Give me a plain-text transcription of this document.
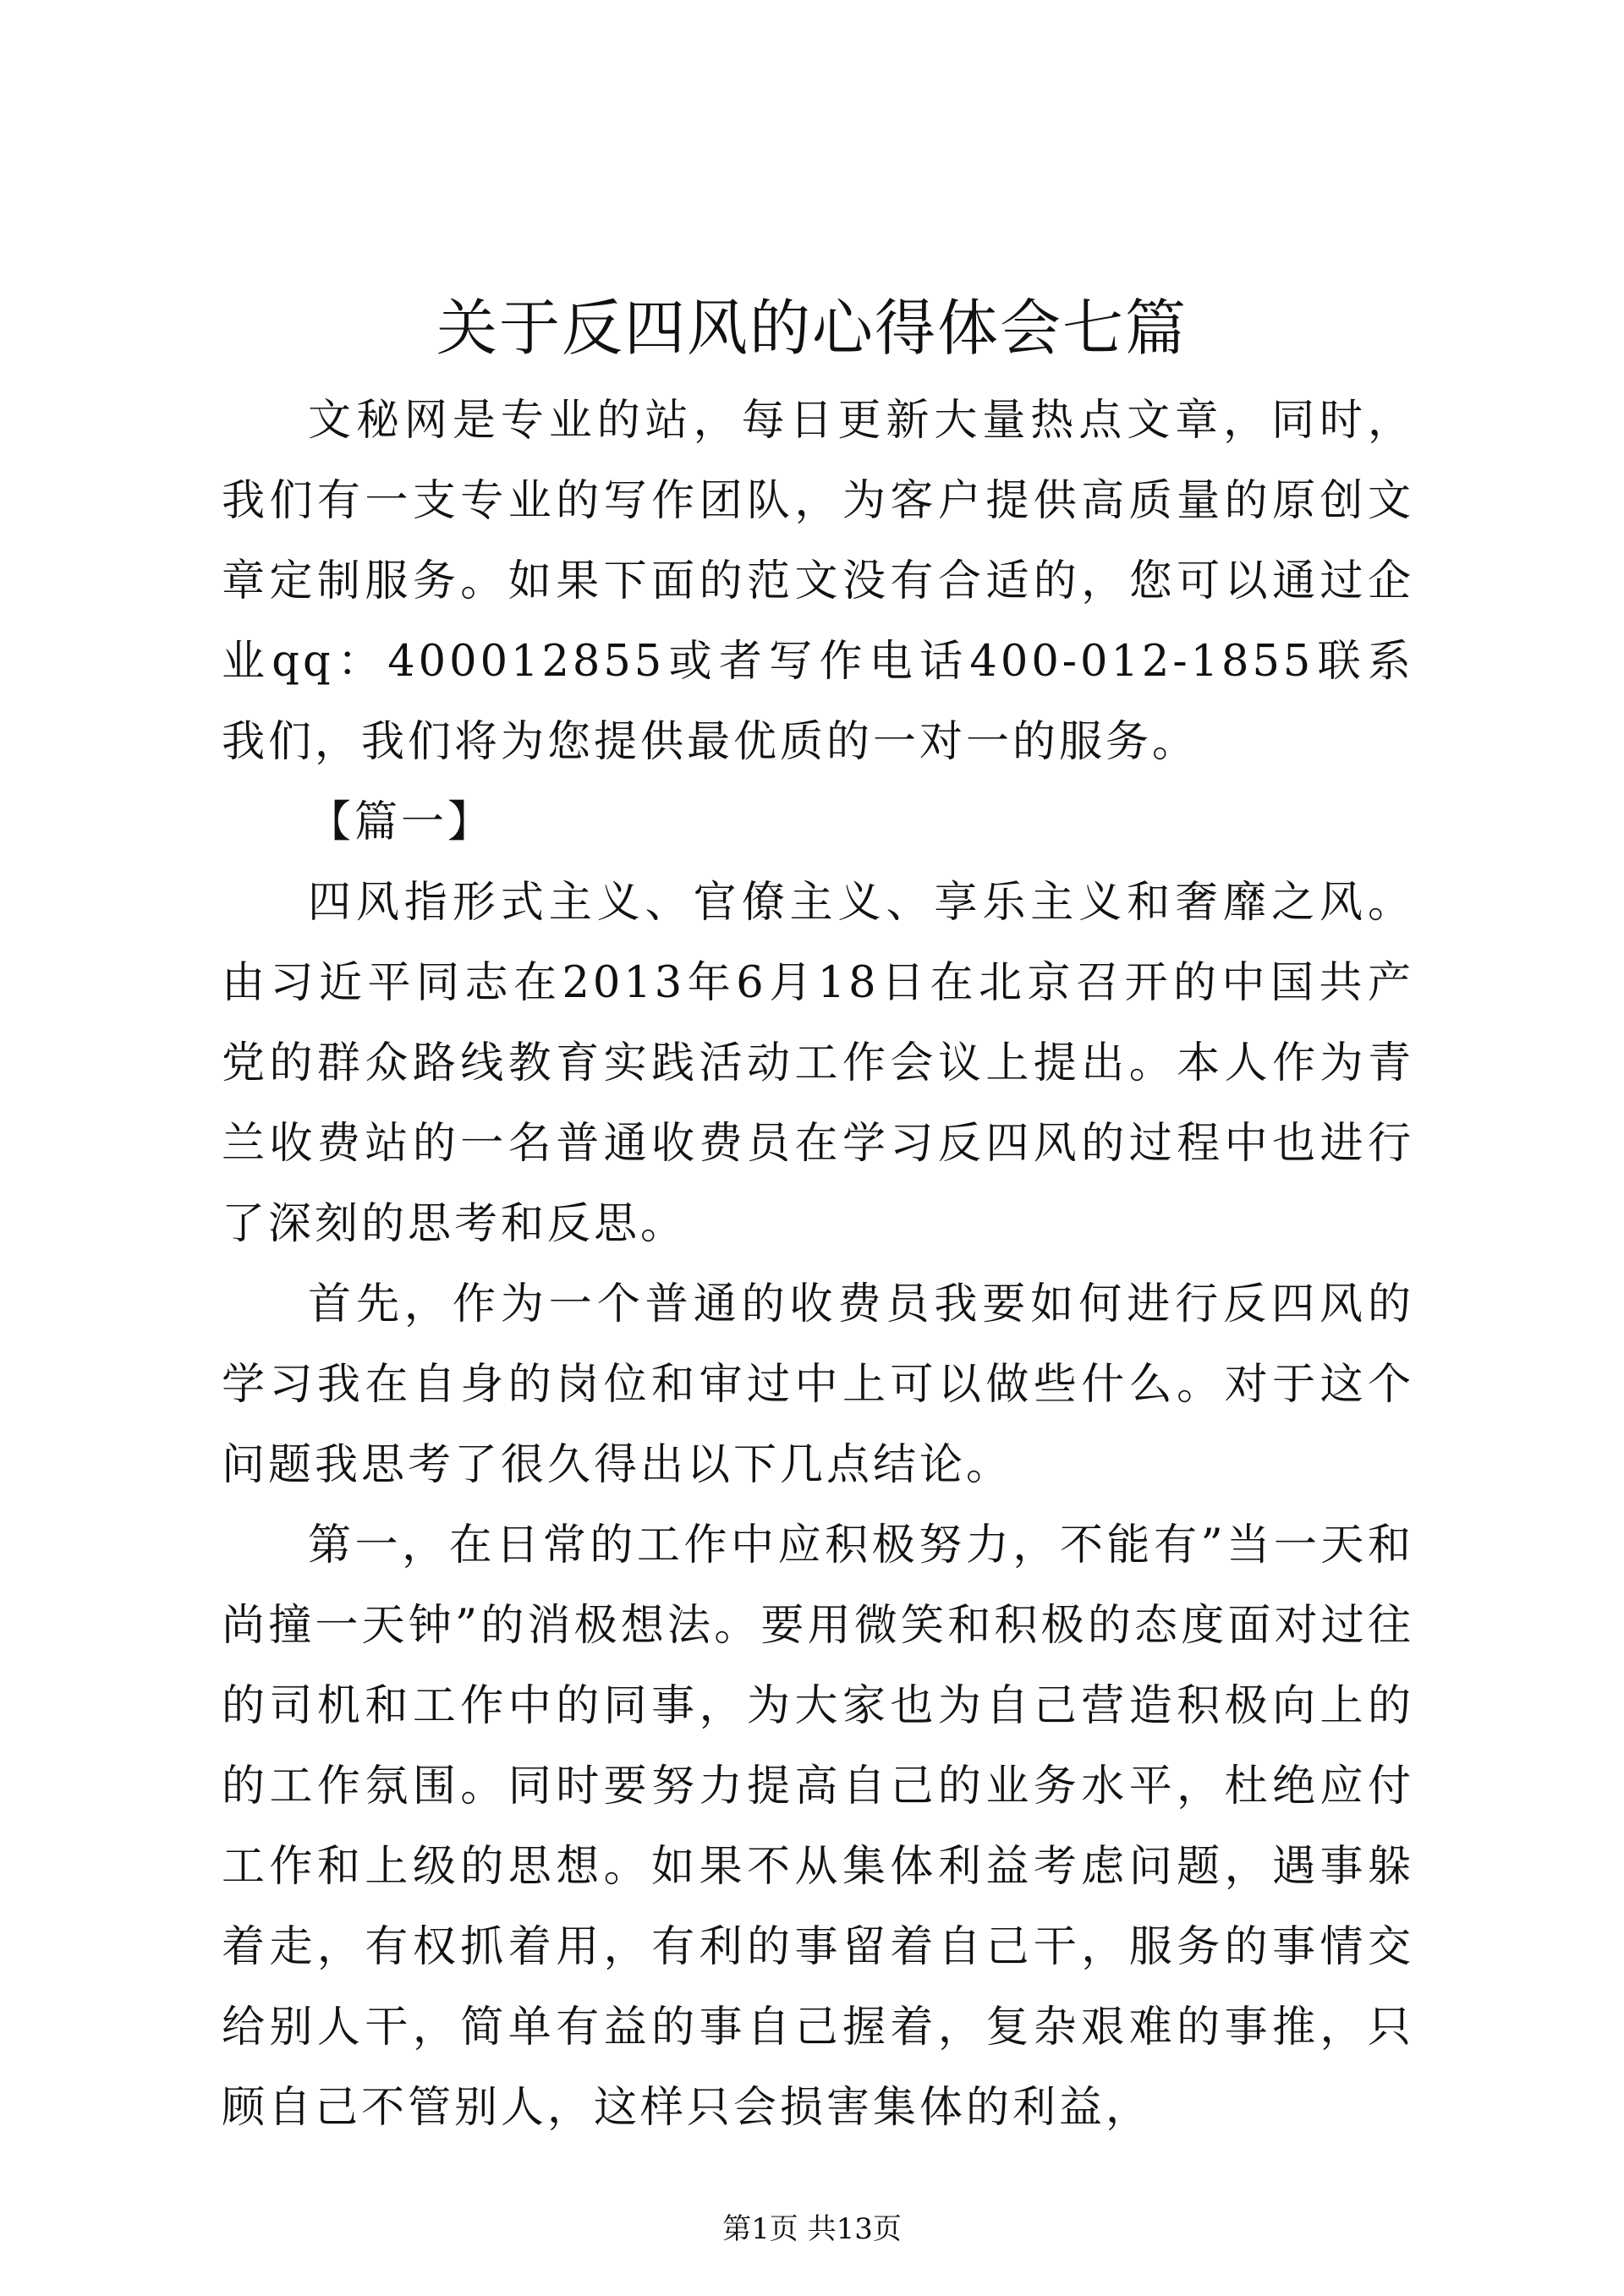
关于反四风的心得体会七篇

文秘网是专业的站，每日更新大量热点文章，同时，我们有一支专业的写作团队，为客户提供高质量的原创文章定制服务。如果下面的范文没有合适的，您可以通过企业qq：400012855或者写作电话400-012-1855联系我们，我们将为您提供最优质的一对一的服务。

【篇一】

四风指形式主义、官僚主义、享乐主义和奢靡之风。由习近平同志在2013年6月18日在北京召开的中国共产党的群众路线教育实践活动工作会议上提出。本人作为青兰收费站的一名普通收费员在学习反四风的过程中也进行了深刻的思考和反思。

首先，作为一个普通的收费员我要如何进行反四风的学习我在自身的岗位和审过中上可以做些什么。对于这个问题我思考了很久得出以下几点结论。

第一，在日常的工作中应积极努力，不能有”当一天和尚撞一天钟”的消极想法。要用微笑和积极的态度面对过往的司机和工作中的同事，为大家也为自己营造积极向上的的工作氛围。同时要努力提高自己的业务水平，杜绝应付工作和上级的思想。如果不从集体利益考虑问题，遇事躲着走，有权抓着用，有利的事留着自己干，服务的事情交给别人干，简单有益的事自己握着，复杂艰难的事推，只顾自己不管别人，这样只会损害集体的利益，

第1页 共13页
